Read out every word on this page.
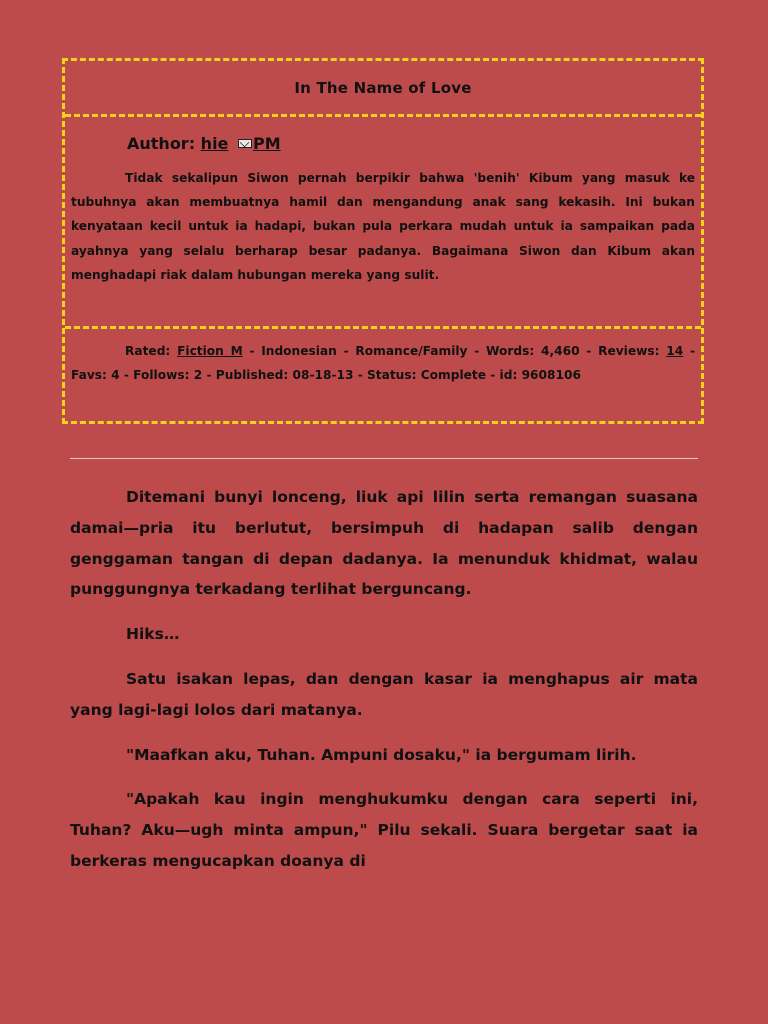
In The Name of Love
Author: hie PM
Tidak sekalipun Siwon pernah berpikir bahwa 'benih' Kibum yang masuk ke tubuhnya akan membuatnya hamil dan mengandung anak sang kekasih. Ini bukan kenyataan kecil untuk ia hadapi, bukan pula perkara mudah untuk ia sampaikan pada ayahnya yang selalu berharap besar padanya. Bagaimana Siwon dan Kibum akan menghadapi riak dalam hubungan mereka yang sulit.
Rated: Fiction M - Indonesian - Romance/Family - Words: 4,460 - Reviews: 14 - Favs: 4 - Follows: 2 - Published: 08-18-13 - Status: Complete - id: 9608106

Ditemani bunyi lonceng, liuk api lilin serta remangan suasana damai—pria itu berlutut, bersimpuh di hadapan salib dengan genggaman tangan di depan dadanya. Ia menunduk khidmat, walau punggungnya terkadang terlihat berguncang.

Hiks…

Satu isakan lepas, dan dengan kasar ia menghapus air mata yang lagi-lagi lolos dari matanya.

"Maafkan aku, Tuhan. Ampuni dosaku," ia bergumam lirih.

"Apakah kau ingin menghukumku dengan cara seperti ini, Tuhan? Aku—ugh minta ampun," Pilu sekali. Suara bergetar saat ia berkeras mengucapkan doanya di
